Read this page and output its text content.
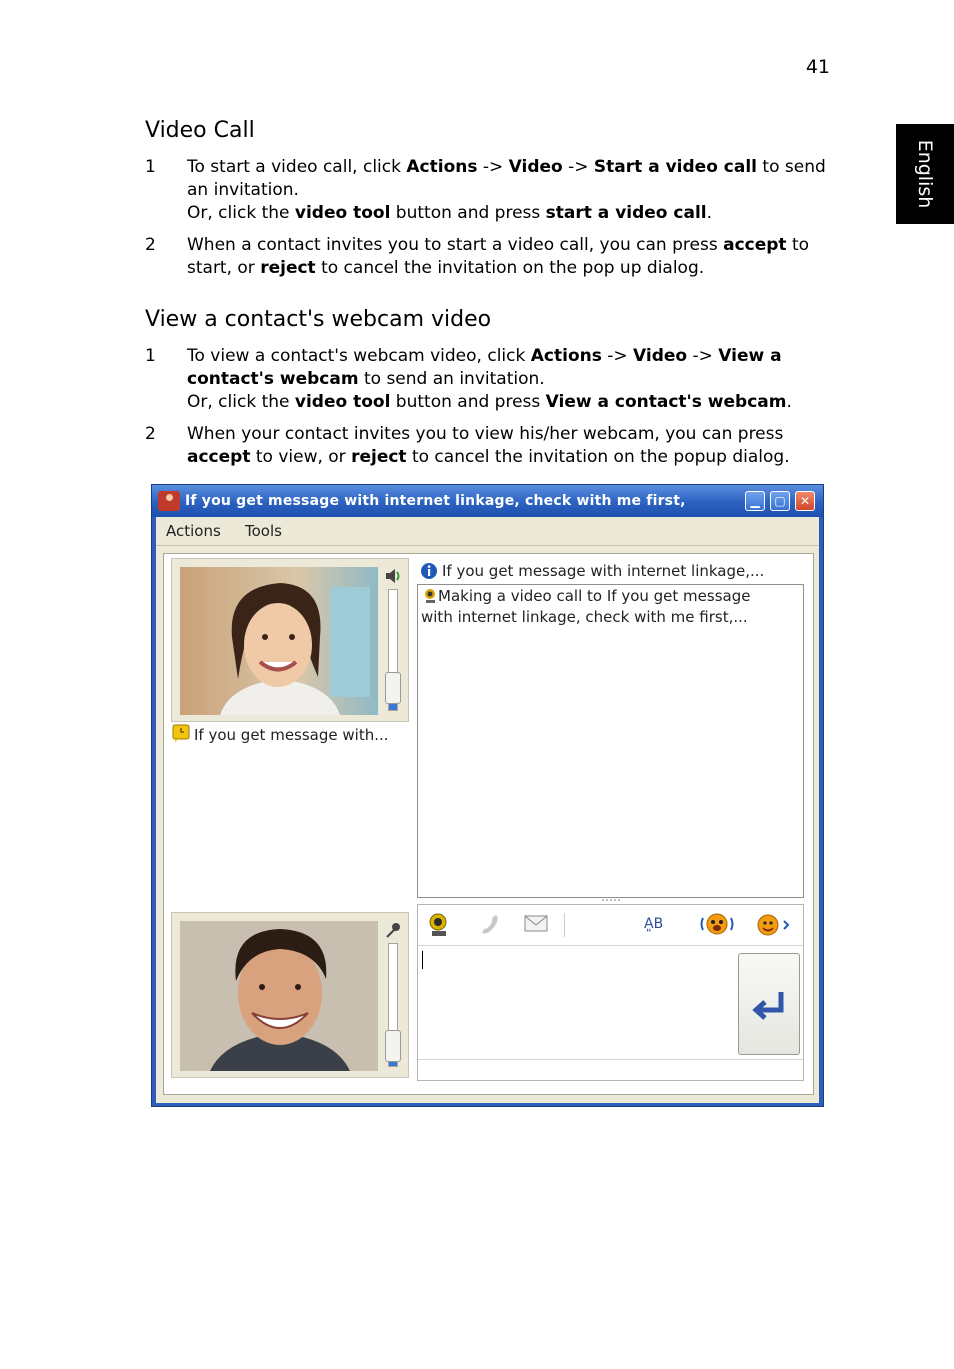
41
English
Video Call
1 To start a video call, click Actions -> Video -> Start a video call to send an invitation.
Or, click the video tool button and press start a video call.
2 When a contact invites you to start a video call, you can press accept to start, or reject to cancel the invitation on the pop up dialog.
View a contact's webcam video
1 To view a contact's webcam video, click Actions -> Video -> View a contact's webcam to send an invitation.
Or, click the video tool button and press View a contact's webcam.
2 When your contact invites you to view his/her webcam, you can press accept to view, or reject to cancel the invitation on the popup dialog.
If you get message with internet linkage, check with me first,	▁	▢	✕
Actions Tools
If you get message with...
If you get message with internet linkage,...
Making a video call to If you get message
with internet linkage, check with me first,...
A͈B
